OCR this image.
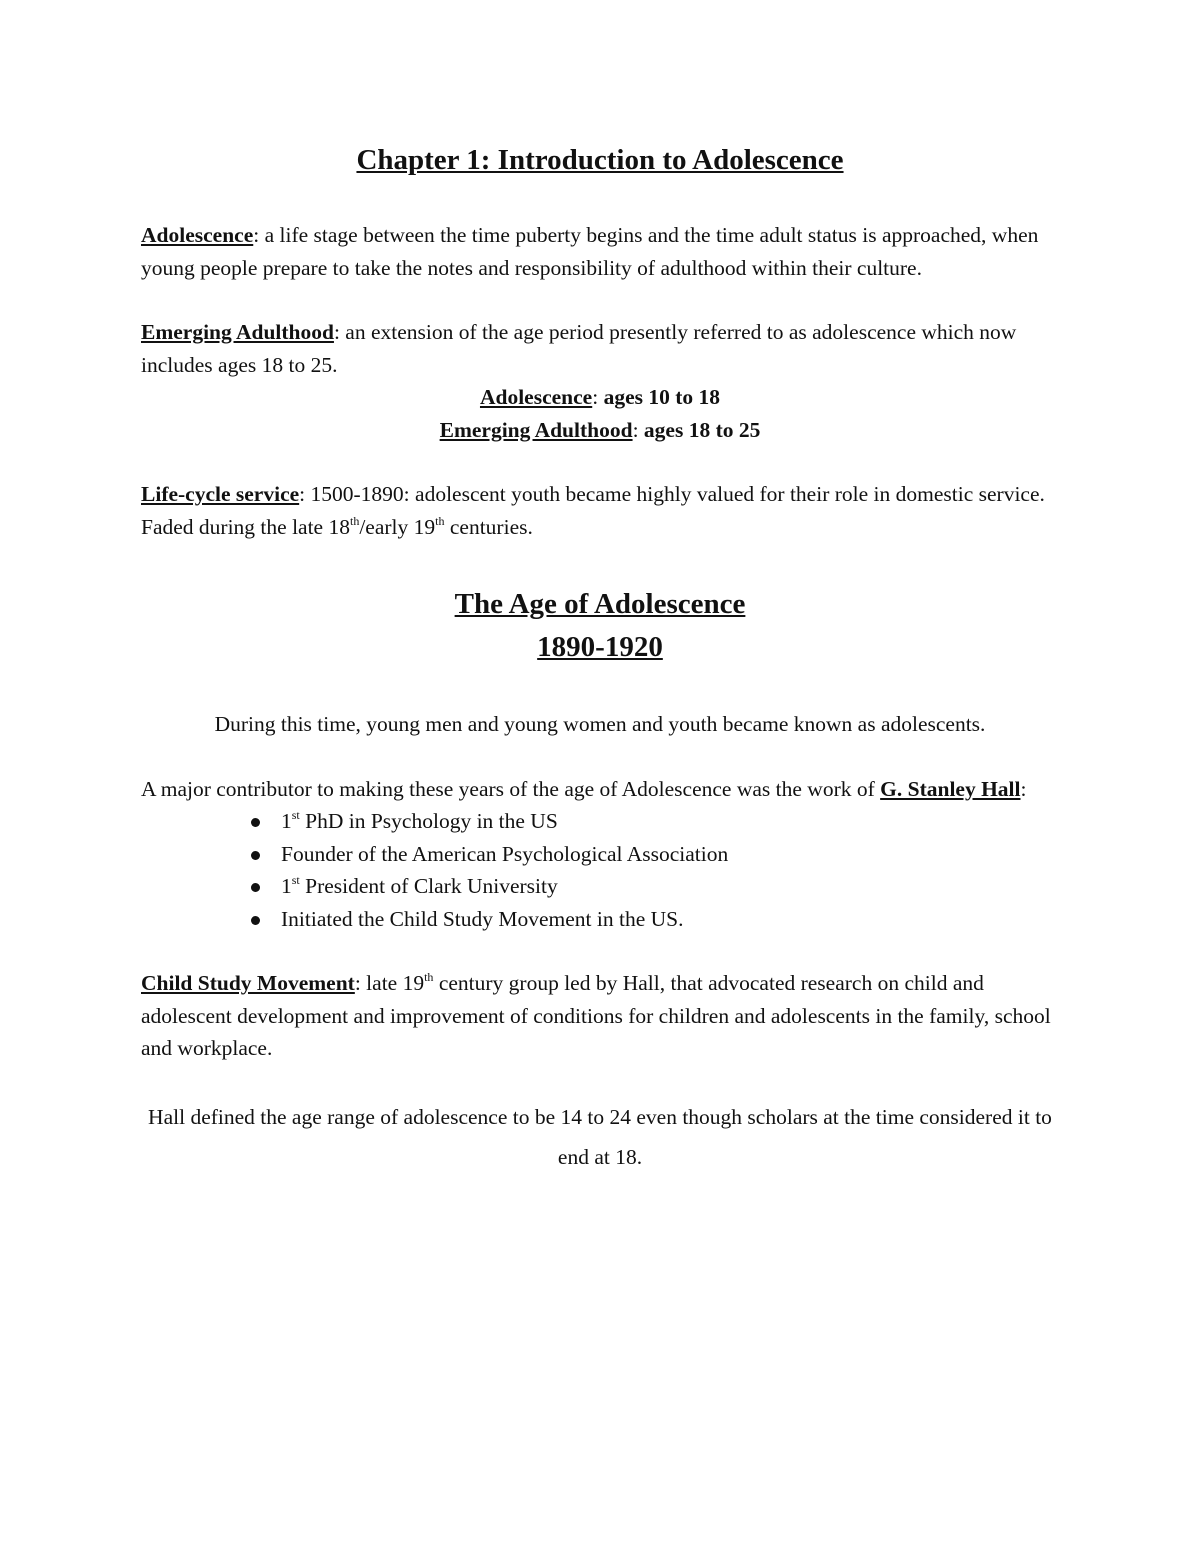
Chapter 1: Introduction to Adolescence

Adolescence: a life stage between the time puberty begins and the time adult status is approached, when young people prepare to take the notes and responsibility of adulthood within their culture.

Emerging Adulthood: an extension of the age period presently referred to as adolescence which now includes ages 18 to 25.

Adolescence: ages 10 to 18
Emerging Adulthood: ages 18 to 25

Life-cycle service: 1500-1890: adolescent youth became highly valued for their role in domestic service. Faded during the late 18th/early 19th centuries.

The Age of Adolescence
1890-1920

During this time, young men and young women and youth became known as adolescents.

A major contributor to making these years of the age of Adolescence was the work of G. Stanley Hall:

1st PhD in Psychology in the US
Founder of the American Psychological Association
1st President of Clark University
Initiated the Child Study Movement in the US.

Child Study Movement: late 19th century group led by Hall, that advocated research on child and adolescent development and improvement of conditions for children and adolescents in the family, school and workplace.

Hall defined the age range of adolescence to be 14 to 24 even though scholars at the time considered it to end at 18.
